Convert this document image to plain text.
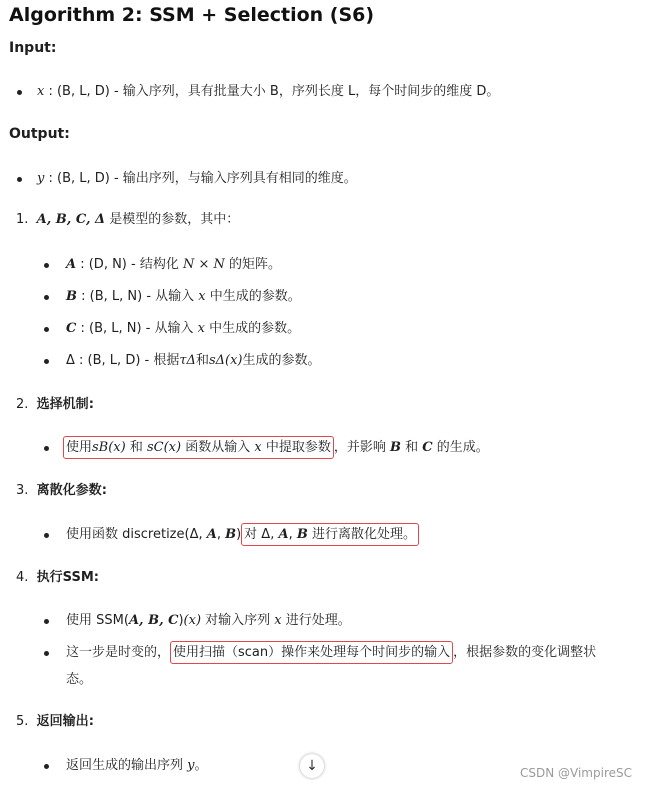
Algorithm 2: SSM + Selection (S6)
Input:
x : (B, L, D) - 输入序列，具有批量大小 B，序列长度 L，每个时间步的维度 D。
Output:
y : (B, L, D) - 输出序列，与输入序列具有相同的维度。
1. A, B, C, Δ 是模型的参数，其中：
A : (D, N) - 结构化 N × N 的矩阵。
B : (B, L, N) - 从输入 x 中生成的参数。
C : (B, L, N) - 从输入 x 中生成的参数。
Δ : (B, L, D) - 根据τΔ和sΔ(x)生成的参数。
2. 选择机制:
使用sB(x) 和 sC(x) 函数从输入 x 中提取参数 ，并影响 B 和 C 的生成。
3. 离散化参数:
使用函数 discretize(Δ, A, B) 对 Δ, A, B 进行离散化处理。
4. 执行SSM:
使用 SSM(A, B, C)(x) 对输入序列 x 进行处理。
这一步是时变的， 使用扫描（scan）操作来处理每个时间步的输入 ，根据参数的变化调整状
态。
5. 返回输出:
返回生成的输出序列 y。	↓	CSDN @VimpireSC
